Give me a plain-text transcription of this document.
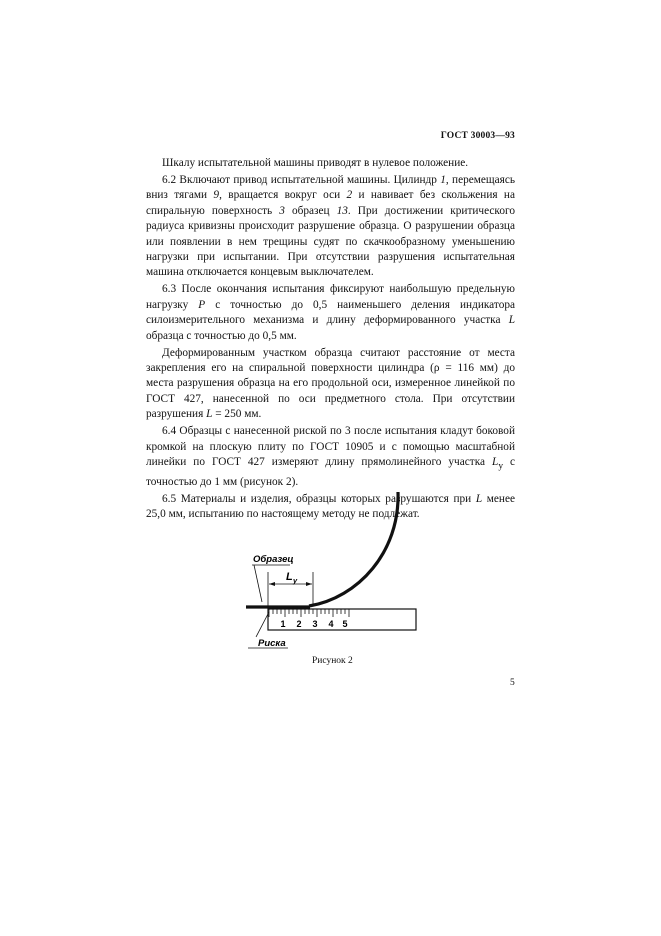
ГОСТ 30003—93

Шкалу испытательной машины приводят в нулевое положение.

6.2 Включают привод испытательной машины. Цилиндр 1, перемещаясь вниз тягами 9, вращается вокруг оси 2 и навивает без скольжения на спиральную поверхность 3 образец 13. При достижении критического радиуса кривизны происходит разрушение образца. О разрушении образца или появлении в нем трещины судят по скачкообразному уменьшению нагрузки при испытании. При отсутствии разрушения испытательная машина отключается концевым выключателем.

6.3 После окончания испытания фиксируют наибольшую предельную нагрузку P с точностью до 0,5 наименьшего деления индикатора силоизмерительного механизма и длину деформированного участка L образца с точностью до 0,5 мм.

Деформированным участком образца считают расстояние от места закрепления его на спиральной поверхности цилиндра (ρ = 116 мм) до места разрушения образца на его продольной оси, измеренное линейкой по ГОСТ 427, нанесенной по оси предметного стола. При отсутствии разрушения L = 250 мм.

6.4 Образцы с нанесенной риской по 3 после испытания кладут боковой кромкой на плоскую плиту по ГОСТ 10905 и с помощью масштабной линейки по ГОСТ 427 измеряют длину прямолинейного участка $L_у$ с точностью до 1 мм (рисунок 2).

6.5 Материалы и изделия, образцы которых разрушаются при L менее 25,0 мм, испытанию по настоящему методу не подлежат.

1 2 3 4 5
Образец
L у
Риска
Рисунок 2
5
